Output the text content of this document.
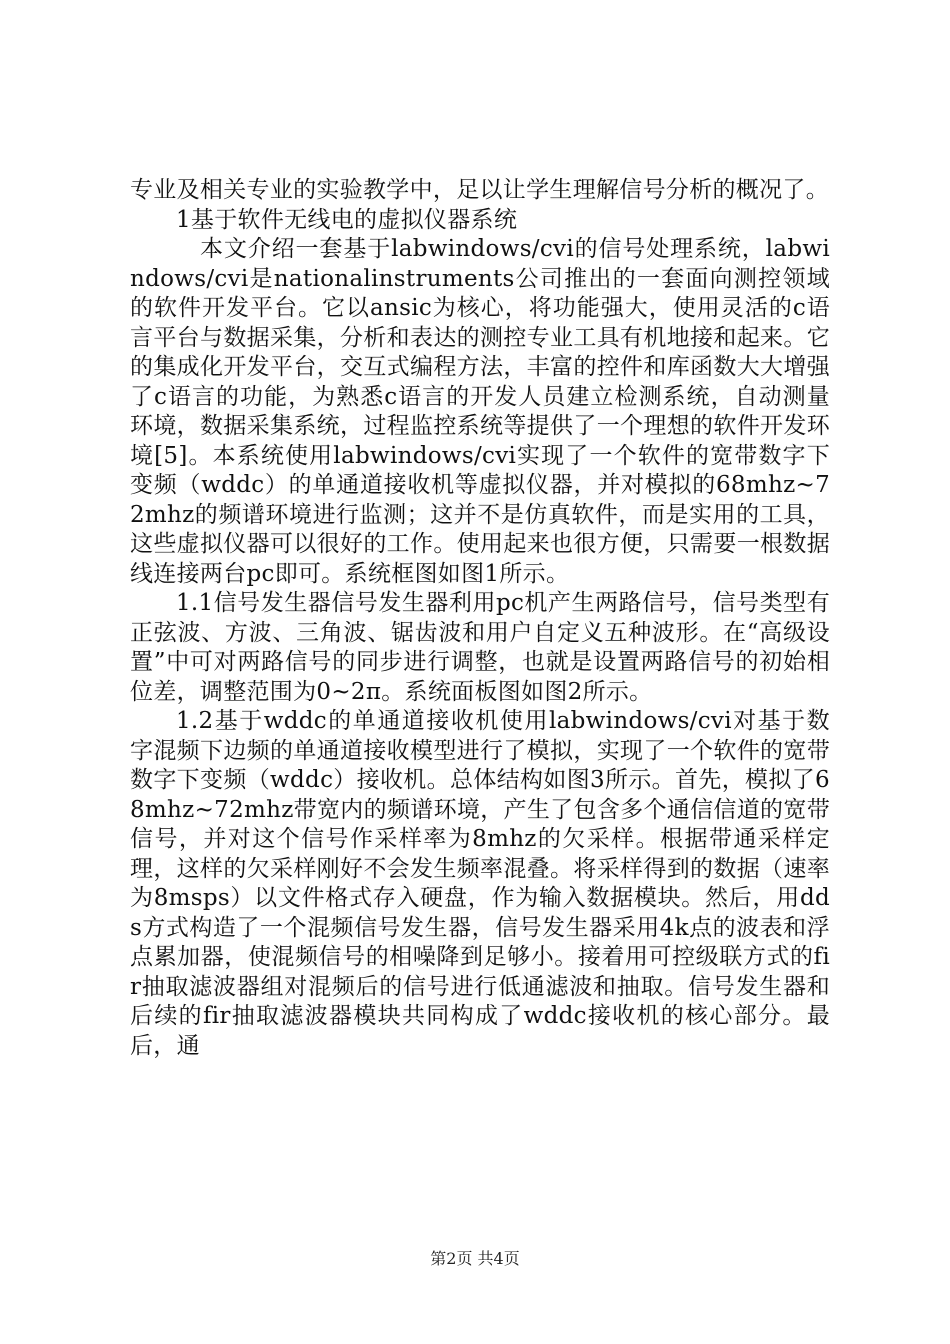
专业及相关专业的实验教学中，足以让学生理解信号分析的概况了。

1基于软件无线电的虚拟仪器系统

本文介绍一套基于labwindows/cvi的信号处理系统，labwindows/cvi是nationalinstruments公司推出的一套面向测控领域的软件开发平台。它以ansic为核心，将功能强大，使用灵活的c语言平台与数据采集，分析和表达的测控专业工具有机地接和起来。它的集成化开发平台，交互式编程方法，丰富的控件和库函数大大增强了c语言的功能，为熟悉c语言的开发人员建立检测系统，自动测量环境，数据采集系统，过程监控系统等提供了一个理想的软件开发环境[5]。本系统使用labwindows/cvi实现了一个软件的宽带数字下变频（wddc）的单通道接收机等虚拟仪器，并对模拟的68mhz~72mhz的频谱环境进行监测；这并不是仿真软件，而是实用的工具，这些虚拟仪器可以很好的工作。使用起来也很方便，只需要一根数据线连接两台pc即可。系统框图如图1所示。

1.1信号发生器信号发生器利用pc机产生两路信号，信号类型有正弦波、方波、三角波、锯齿波和用户自定义五种波形。在“高级设置”中可对两路信号的同步进行调整，也就是设置两路信号的初始相位差，调整范围为0~2π。系统面板图如图2所示。

1.2基于wddc的单通道接收机使用labwindows/cvi对基于数字混频下边频的单通道接收模型进行了模拟，实现了一个软件的宽带数字下变频（wddc）接收机。总体结构如图3所示。首先，模拟了68mhz~72mhz带宽内的频谱环境，产生了包含多个通信信道的宽带信号，并对这个信号作采样率为8mhz的欠采样。根据带通采样定理，这样的欠采样刚好不会发生频率混叠。将采样得到的数据（速率为8msps）以文件格式存入硬盘，作为输入数据模块。然后，用dds方式构造了一个混频信号发生器，信号发生器采用4k点的波表和浮点累加器，使混频信号的相噪降到足够小。接着用可控级联方式的fir抽取滤波器组对混频后的信号进行低通滤波和抽取。信号发生器和后续的fir抽取滤波器模块共同构成了wddc接收机的核心部分。最后，通

第2页 共4页
